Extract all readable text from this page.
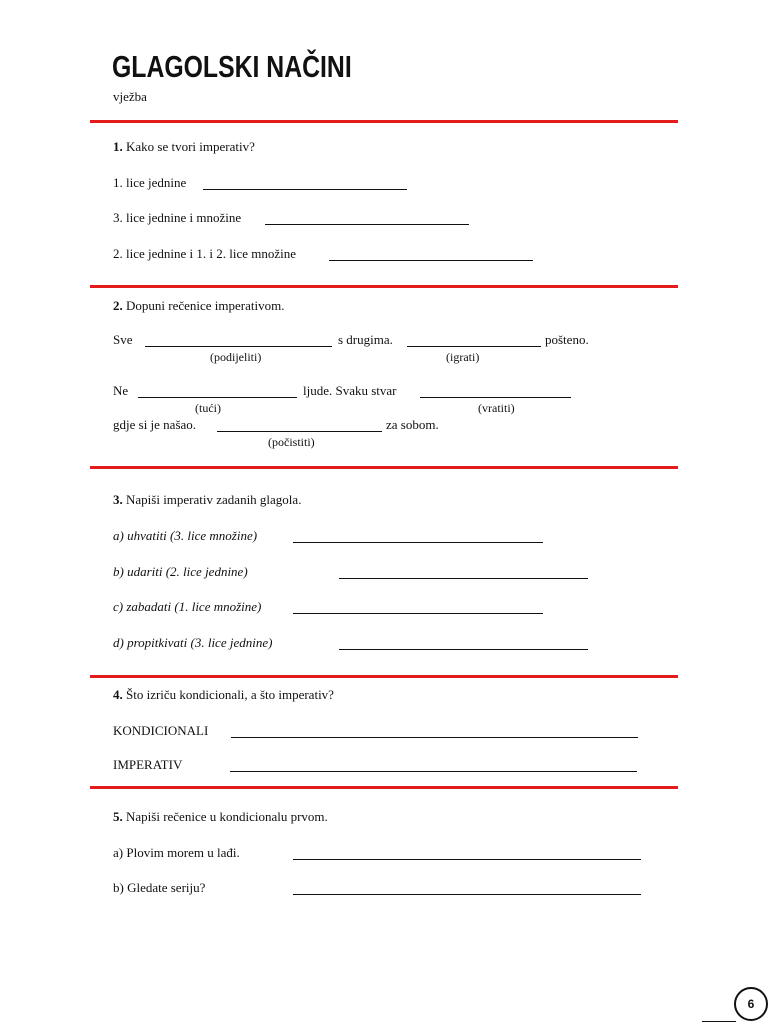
GLAGOLSKI NAČINI
vježba
1. Kako se tvori imperativ?
1. lice jednine
3. lice jednine i množine
2. lice jednine i 1. i 2. lice množine
2. Dopuni rečenice imperativom.
Sve	s drugima.	pošteno.
(podijeliti)	(igrati)
Ne	ljude. Svaku stvar
(tući)	(vratiti)
gdje si je našao.	za sobom.
(počistiti)
3. Napiši imperativ zadanih glagola.
a) uhvatiti (3. lice množine)
b) udariti (2. lice jednine)
c) zabadati (1. lice množine)
d) propitkivati (3. lice jednine)
4. Što izriču kondicionali, a što imperativ?
KONDICIONALI
IMPERATIV
5. Napiši rečenice u kondicionalu prvom.
a) Plovim morem u lađi.
b) Gledate seriju?
6
